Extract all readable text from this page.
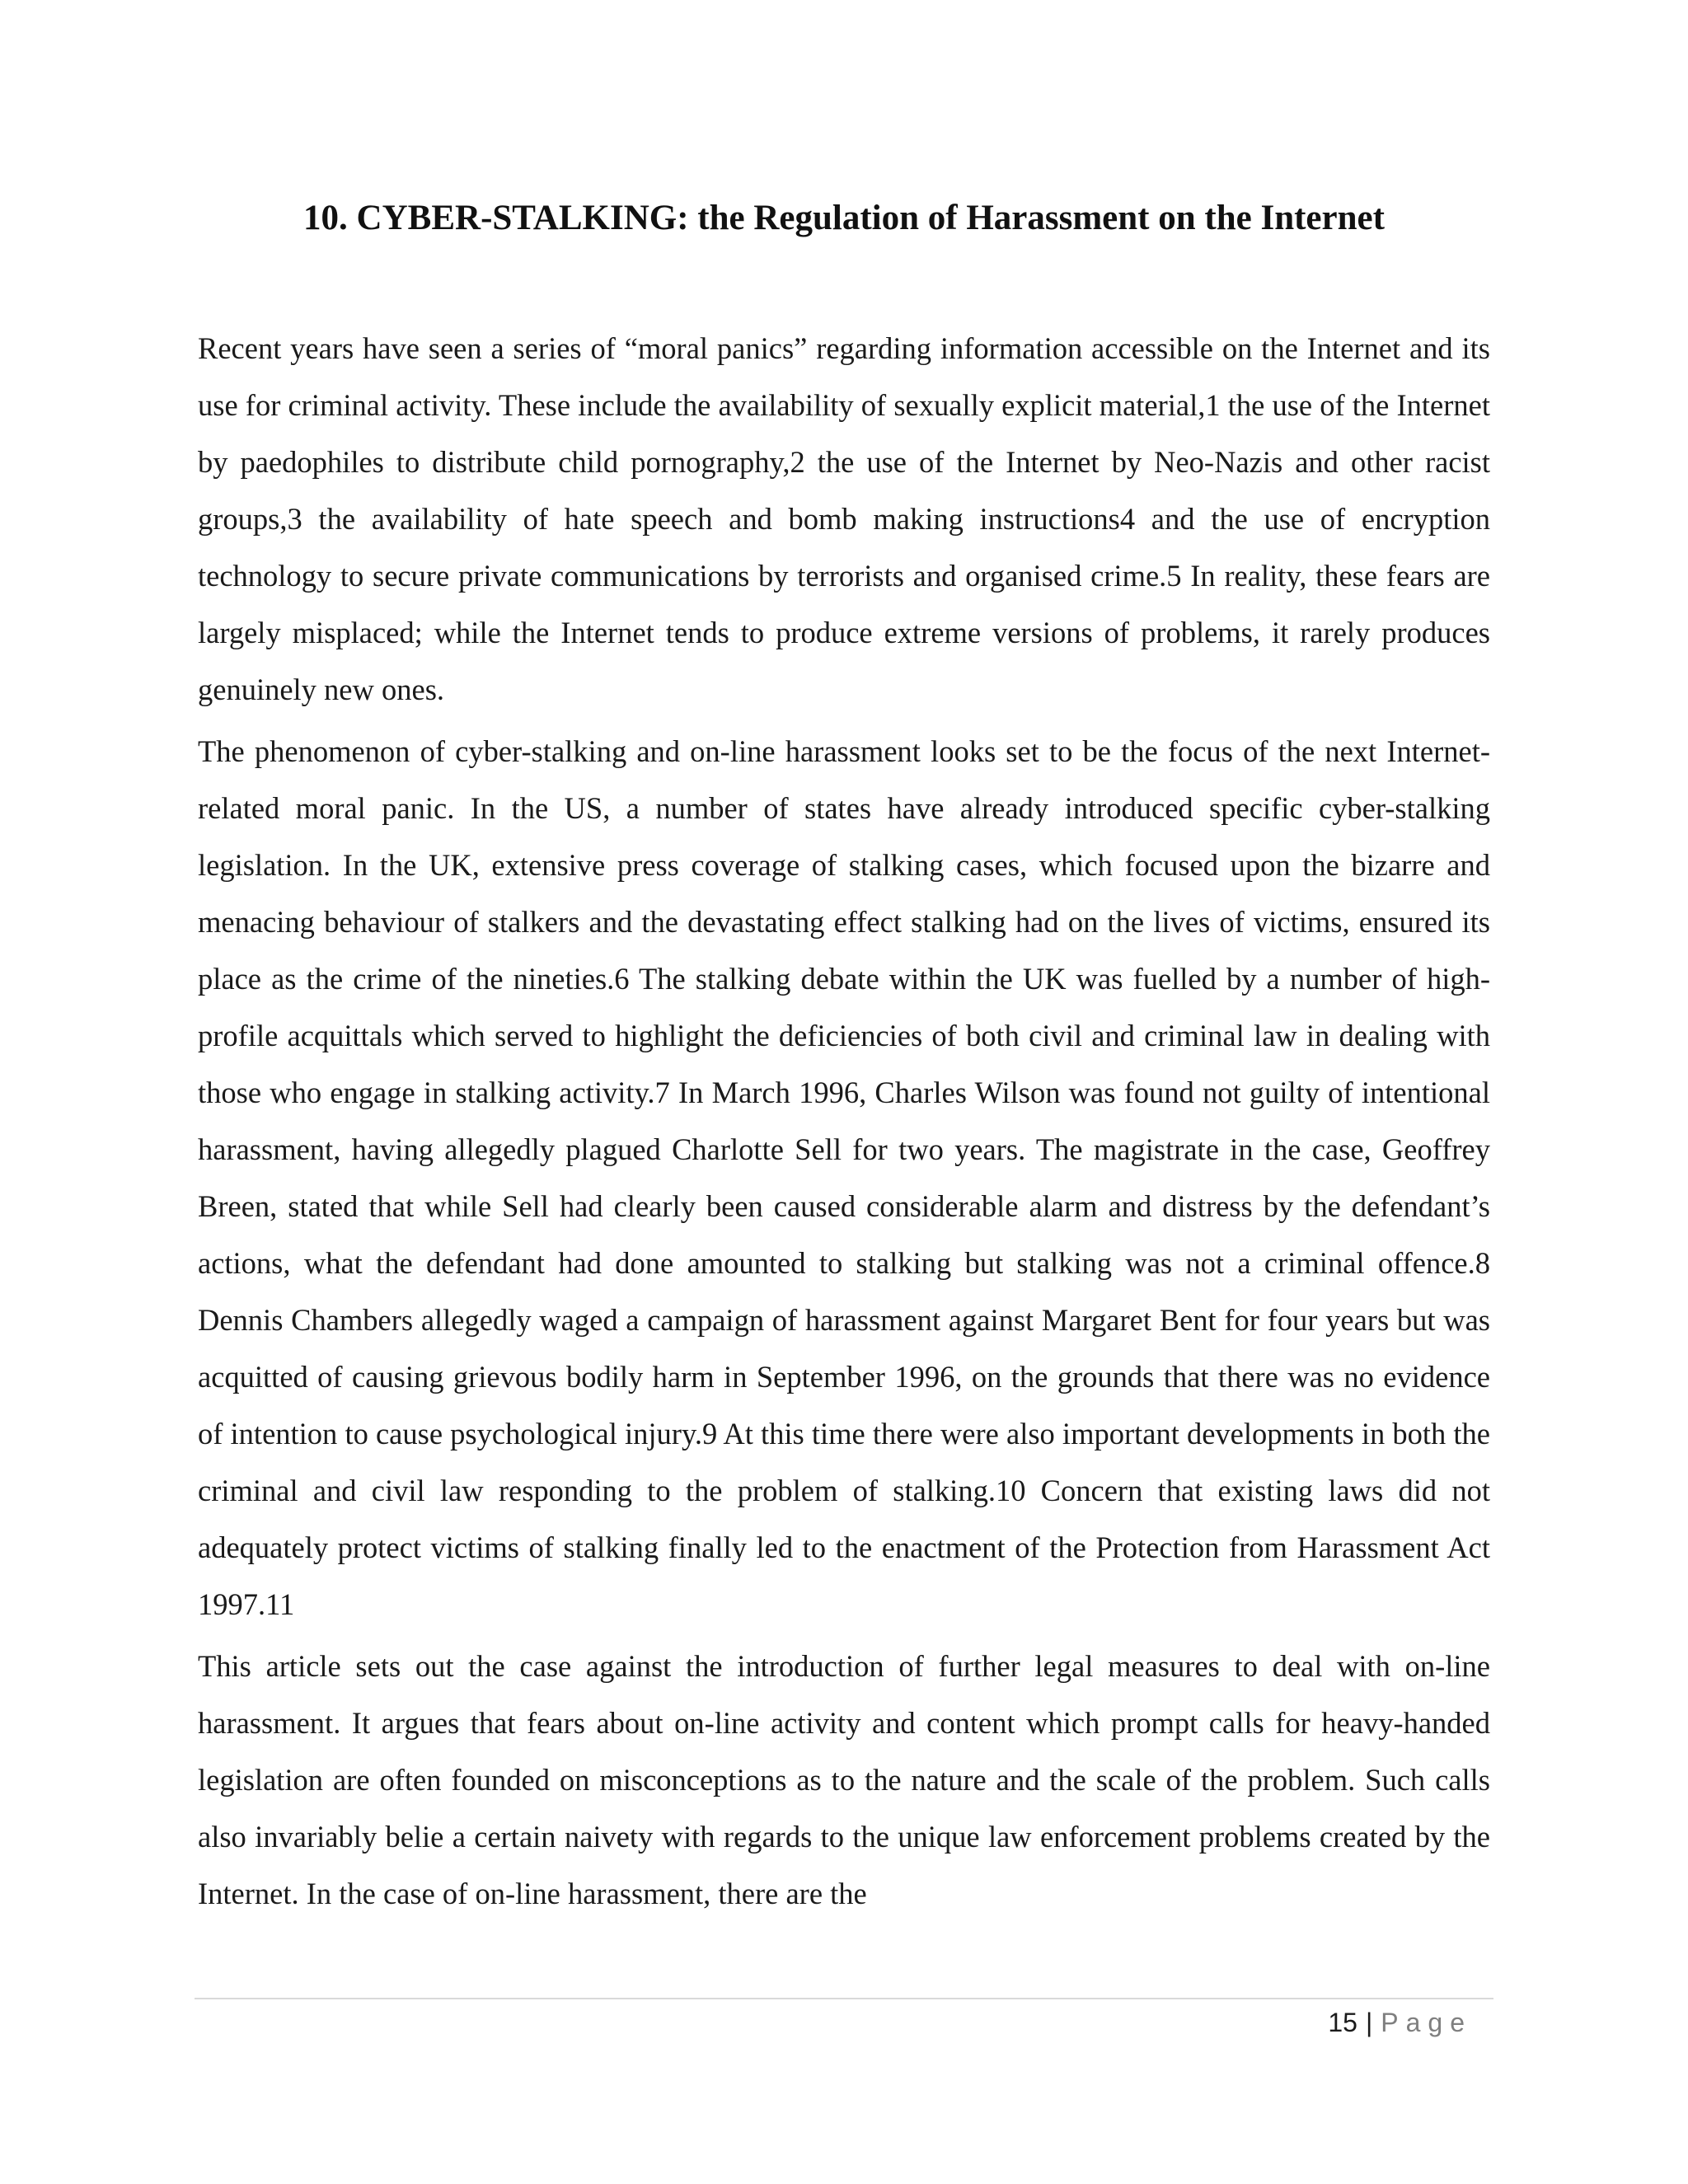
10. CYBER-STALKING: the Regulation of Harassment on the Internet

Recent years have seen a series of “moral panics” regarding information accessible on the Internet and its use for criminal activity. These include the availability of sexually explicit material,1 the use of the Internet by paedophiles to distribute child pornography,2 the use of the Internet by Neo-Nazis and other racist groups,3 the availability of hate speech and bomb making instructions4 and the use of encryption technology to secure private communications by terrorists and organised crime.5 In reality, these fears are largely misplaced; while the Internet tends to produce extreme versions of problems, it rarely produces genuinely new ones.

The phenomenon of cyber-stalking and on-line harassment looks set to be the focus of the next Internet-related moral panic. In the US, a number of states have already introduced specific cyber-stalking legislation. In the UK, extensive press coverage of stalking cases, which focused upon the bizarre and menacing behaviour of stalkers and the devastating effect stalking had on the lives of victims, ensured its place as the crime of the nineties.6 The stalking debate within the UK was fuelled by a number of high-profile acquittals which served to highlight the deficiencies of both civil and criminal law in dealing with those who engage in stalking activity.7 In March 1996, Charles Wilson was found not guilty of intentional harassment, having allegedly plagued Charlotte Sell for two years. The magistrate in the case, Geoffrey Breen, stated that while Sell had clearly been caused considerable alarm and distress by the defendant’s actions, what the defendant had done amounted to stalking but stalking was not a criminal offence.8 Dennis Chambers allegedly waged a campaign of harassment against Margaret Bent for four years but was acquitted of causing grievous bodily harm in September 1996, on the grounds that there was no evidence of intention to cause psychological injury.9 At this time there were also important developments in both the criminal and civil law responding to the problem of stalking.10 Concern that existing laws did not adequately protect victims of stalking finally led to the enactment of the Protection from Harassment Act 1997.11

This article sets out the case against the introduction of further legal measures to deal with on-line harassment. It argues that fears about on-line activity and content which prompt calls for heavy-handed legislation are often founded on misconceptions as to the nature and the scale of the problem. Such calls also invariably belie a certain naivety with regards to the unique law enforcement problems created by the Internet. In the case of on-line harassment, there are the

15 | Page
